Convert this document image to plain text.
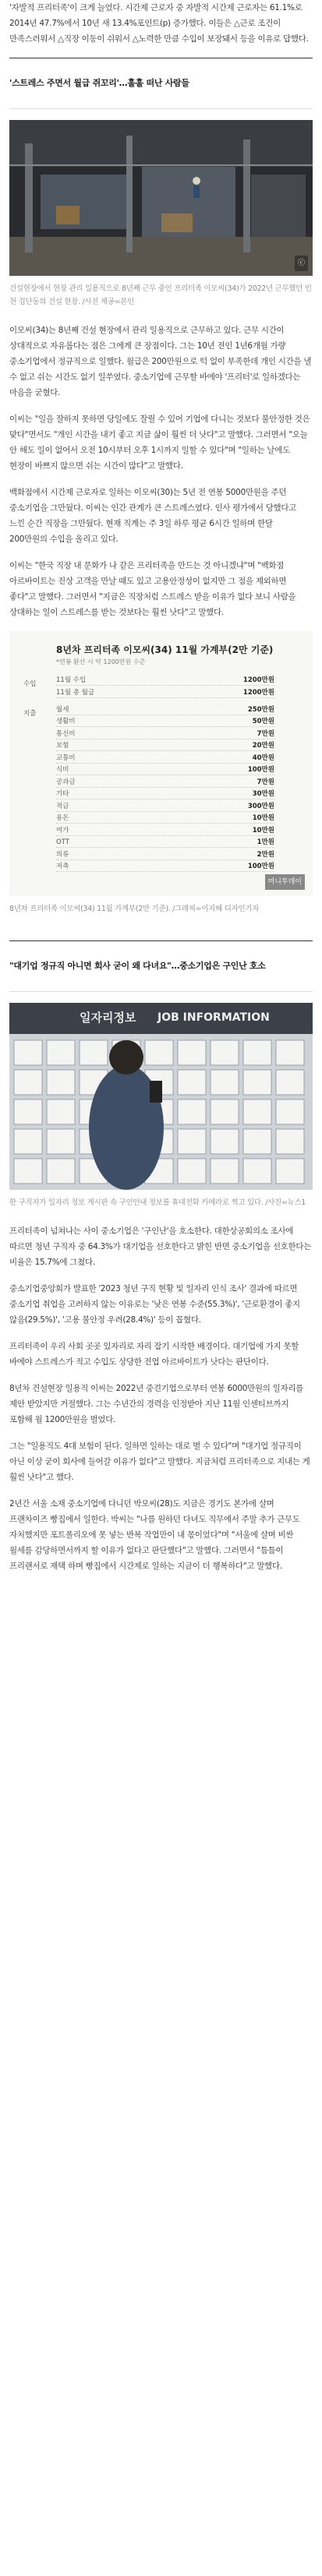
'자발적 프리터족'이 크게 늘었다. 시간제 근로자 중 자발적 시간제 근로자는 61.1%로 2014년 47.7%에서 10년 새 13.4%포인트(p) 증가했다. 이들은 △근로 조건이 만족스러워서 △직장 이동이 쉬워서 △노력한 만큼 수입이 보장돼서 등을 이유로 답했다.

'스트레스 주면서 월급 쥐꼬리'…훌훌 떠난 사람들
ⓒ
건설현장에서 현장 관리 일용직으로 8년째 근무 중인 프리터족 이모씨(34)가 2022년 근무했던 인천 검단동의 건설 현장. /사진 제공=본인

이모씨(34)는 8년째 건설 현장에서 관리 일용직으로 근무하고 있다. 근무 시간이 상대적으로 자유롭다는 점은 그에게 큰 장점이다. 그는 10년 전인 1년6개월 가량 중소기업에서 정규직으로 일했다. 월급은 200만원으로 턱 없이 부족한데 개인 시간을 낼 수 없고 쉬는 시간도 없기 일쑤였다. 중소기업에 근무할 바에야 '프리터'로 일하겠다는 마음을 굳혔다.

이씨는 "일을 잘하지 못하면 당일에도 잘릴 수 있어 기업에 다니는 것보다 불안정한 것은 맞다"면서도 "개인 시간을 내기 좋고 지금 삶이 훨씬 더 낫다"고 말했다. 그러면서 "오늘 안 해도 일이 없어서 오전 10시부터 오후 1시까지 일할 수 있다"며 "일하는 날에도 현장이 바쁘지 않으면 쉬는 시간이 많다"고 말했다.

백화점에서 시간제 근로자로 일하는 이모씨(30)는 5년 전 연봉 5000만원을 주던 중소기업을 그만뒀다. 이씨는 인간 관계가 큰 스트레스였다. 인사 평가에서 당했다고 느낀 순간 직장을 그만뒀다. 현재 직계는 주 3일 하루 평균 6시간 일하며 한달 200만원의 수입을 올리고 있다.

이씨는 "한국 직장 내 문화가 나 같은 프리터족을 만드는 것 아니겠냐"며 "백화점 아르바이트는 진상 고객을 만날 때도 있고 고용안정성이 없지만 그 점을 제외하면 좋다"고 말했다. 그러면서 "지금은 직장처럼 스트레스 받을 이유가 없다 보니 사람을 상대하는 일이 스트레스를 받는 것보다는 훨씬 낫다"고 말했다.

8년차 프리터족 이모씨(34) 11월 가계부(2만 기준)
*연봉 환산 시 약 1200만원 수준
머니투데이
수입	11월 수입	1200만원
11월 총 월급	1200만원
지출	월세	250만원
생활비	50만원
통신비	7만원
보험	20만원
교통비	40만원
식비	100만원
공과금	7만원
기타	30만원
적금	300만원
용돈	10만원
여가	10만원
OTT	1만원
의류	2만원
저축	100만원
8년차 프리터족 이모씨(34) 11월 가계부(2만 기준). /그래픽=이지혜 디자인기자
"대기업 정규직 아니면 회사 굳이 왜 다녀요"…중소기업은 구인난 호소
일자리정보 JOB INFORMATION
한 구직자가 일자리 정보 게시판 속 구인안내 정보를 휴대전화 카메라로 찍고 있다. /사진=뉴스1

프리터족이 넘쳐나는 사이 중소기업은 '구인난'을 호소한다. 대한상공회의소 조사에 따르면 청년 구직자 중 64.3%가 대기업을 선호한다고 밝힌 반면 중소기업을 선호한다는 비율은 15.7%에 그쳤다.

중소기업중앙회가 발표한 '2023 청년 구직 현황 및 일자리 인식 조사' 결과에 따르면 중소기업 취업을 고려하지 않는 이유로는 '낮은 연봉 수준(55.3%)', '근로환경이 좋지 않음(29.5%)', '고용 불안정 우려(28.4%)' 등이 꼽혔다.

프리터족이 우리 사회 곳곳 있자리로 자리 잡기 시작한 배경이다. 대기업에 가지 못할 바에야 스트레스가 적고 수입도 상당한 전업 아르바이트가 낫다는 판단이다.

8년차 건설현장 일용직 이씨는 2022년 중견기업으로부터 연봉 6000만원의 일자리를 제안 받았지만 거절했다. 그는 수년간의 경력을 인정받아 지난 11월 인센티브까지 포함해 월 1200만원을 벌었다.

그는 "일용직도 4대 보험이 된다. 일하면 일하는 대로 벌 수 있다"며 "대기업 정규직이 아닌 이상 굳이 회사에 들어갈 이유가 없다"고 말했다. 지금처럼 프리터족으로 지내는 게 훨씬 낫다"고 했다.

2년간 서울 소재 중소기업에 다니던 박모씨(28)도 지금은 경기도 본가에 살며 프랜차이즈 빵집에서 일한다. 박씨는 "나를 원하던 다녀도 직무에서 주말 추가 근무도 자처했지만 포트폴리오에 못 넣는 반복 작업만이 내 몫이었다"며 "서울에 살며 비싼 월세를 감당하면서까지 할 이유가 없다고 판단했다"고 말했다. 그러면서 "틈틈이 프리랜서로 재택 하며 빵집에서 시간제로 일하는 지금이 더 행복하다"고 말했다.
